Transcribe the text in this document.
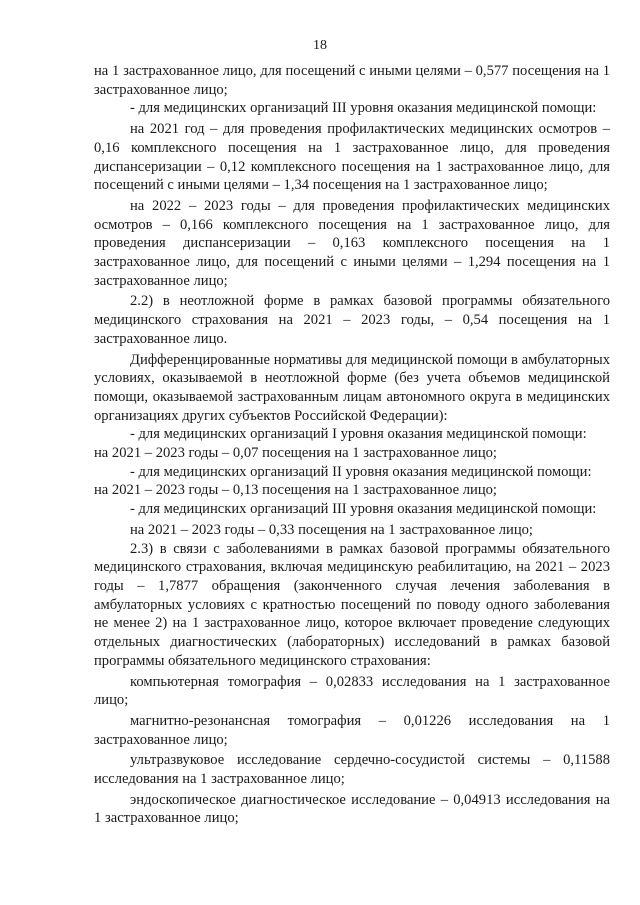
18

на 1 застрахованное лицо, для посещений с иными целями – 0,577 посещения на 1 застрахованное лицо;

- для медицинских организаций III уровня оказания медицинской помощи:

на 2021 год – для проведения профилактических медицинских осмотров – 0,16 комплексного посещения на 1 застрахованное лицо, для проведения диспансеризации – 0,12 комплексного посещения на 1 застрахованное лицо, для посещений с иными целями – 1,34 посещения на 1 застрахованное лицо;

на 2022 – 2023 годы – для проведения профилактических медицинских осмотров – 0,166 комплексного посещения на 1 застрахованное лицо, для проведения диспансеризации – 0,163 комплексного посещения на 1 застрахованное лицо, для посещений с иными целями – 1,294 посещения на 1 застрахованное лицо;

2.2) в неотложной форме в рамках базовой программы обязательного медицинского страхования на 2021 – 2023 годы, – 0,54 посещения на 1 застрахованное лицо.

Дифференцированные нормативы для медицинской помощи в амбулаторных условиях, оказываемой в неотложной форме (без учета объемов медицинской помощи, оказываемой застрахованным лицам автономного округа в медицинских организациях других субъектов Российской Федерации):

- для медицинских организаций I уровня оказания медицинской помощи:

на 2021 – 2023 годы – 0,07 посещения на 1 застрахованное лицо;

- для медицинских организаций II уровня оказания медицинской помощи:

на 2021 – 2023 годы – 0,13 посещения на 1 застрахованное лицо;

- для медицинских организаций III уровня оказания медицинской помощи:

на 2021 – 2023 годы – 0,33 посещения на 1 застрахованное лицо;

2.3) в связи с заболеваниями в рамках базовой программы обязательного медицинского страхования, включая медицинскую реабилитацию, на 2021 – 2023 годы – 1,7877 обращения (законченного случая лечения заболевания в амбулаторных условиях с кратностью посещений по поводу одного заболевания не менее 2) на 1 застрахованное лицо, которое включает проведение следующих отдельных диагностических (лабораторных) исследований в рамках базовой программы обязательного медицинского страхования:

компьютерная томография – 0,02833 исследования на 1 застрахованное лицо;

магнитно-резонансная томография – 0,01226 исследования на 1 застрахованное лицо;

ультразвуковое исследование сердечно-сосудистой системы – 0,11588 исследования на 1 застрахованное лицо;

эндоскопическое диагностическое исследование – 0,04913 исследования на 1 застрахованное лицо;
